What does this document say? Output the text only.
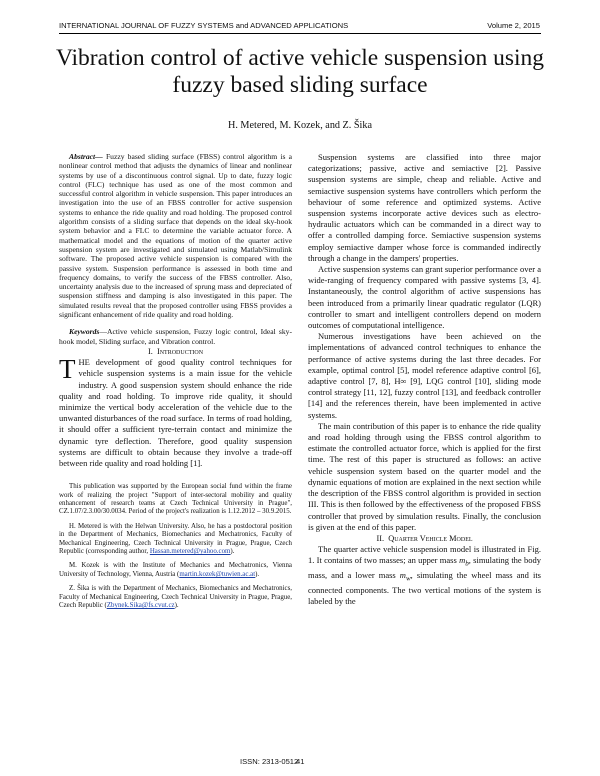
INTERNATIONAL JOURNAL OF FUZZY SYSTEMS and ADVANCED APPLICATIONS	Volume 2, 2015
Vibration control of active vehicle suspension using fuzzy based sliding surface
H. Metered, M. Kozek, and Z. Šika

Abstract— Fuzzy based sliding surface (FBSS) control algorithm is a nonlinear control method that adjusts the dynamics of linear and nonlinear systems by use of a discontinuous control signal. Up to date, fuzzy logic control (FLC) technique has used as one of the most common and successful control algorithm in vehicle suspension. This paper introduces an investigation into the use of an FBSS controller for active suspension systems to enhance the ride quality and road holding. The proposed control algorithm consists of a sliding surface that depends on the ideal sky-hook system behavior and a FLC to determine the variable actuator force. A mathematical model and the equations of motion of the quarter active suspension system are investigated and simulated using Matlab/Simulink software. The proposed active vehicle suspension is compared with the passive system. Suspension performance is assessed in both time and frequency domains, to verify the success of the FBSS controller. Also, uncertainty analysis due to the increased of sprung mass and depreciated of suspension stiffness and damping is also investigated in this paper. The simulated results reveal that the proposed controller using FBSS provides a significant enhancement of ride quality and road holding.

Keywords—Active vehicle suspension, Fuzzy logic control, Ideal sky-hook model, Sliding surface, and Vibration control.

I. Introduction

THE development of good quality control techniques for vehicle suspension systems is a main issue for the vehicle industry. A good suspension system should enhance the ride quality and road holding. To improve ride quality, it should minimize the vertical body acceleration of the vehicle due to the unwanted disturbances of the road surface. In terms of road holding, it should offer a sufficient tyre-terrain contact and minimize the dynamic tyre deflection. Therefore, good quality suspension systems are difficult to obtain because they involve a trade-off between ride quality and road holding [1].

This publication was supported by the European social fund within the frame work of realizing the project "Support of inter-sectoral mobility and quality enhancement of research teams at Czech Technical University in Prague", CZ.1.07/2.3.00/30.0034. Period of the project's realization is 1.12.2012 – 30.9.2015.

H. Metered is with the Helwan University. Also, he has a postdoctoral position in the Department of Mechanics, Biomechanics and Mechatronics, Faculty of Mechanical Engineering, Czech Technical University in Prague, Prague, Czech Republic (corresponding author, Hassan.metered@yahoo.com).

M. Kozek is with the Institute of Mechanics and Mechatronics, Vienna University of Technology, Vienna, Austria (martin.kozek@tuwien.ac.at).

Z. Šika is with the Department of Mechanics, Biomechanics and Mechatronics, Faculty of Mechanical Engineering, Czech Technical University in Prague, Prague, Czech Republic (Zbynek.Sika@fs.cvut.cz).

Suspension systems are classified into three major categorizations; passive, active and semiactive [2]. Passive suspension systems are simple, cheap and reliable. Active and semiactive suspension systems have controllers which perform the behaviour of some reference and optimized systems. Active suspension systems incorporate active devices such as electro-hydraulic actuators which can be commanded in a direct way to offer a controlled damping force. Semiactive suspension systems employ semiactive damper whose force is commanded indirectly through a change in the dampers' properties.

Active suspension systems can grant superior performance over a wide-ranging of frequency compared with passive systems [3, 4]. Instantaneously, the control algorithm of active suspensions has been introduced from a primarily linear quadratic regulator (LQR) controller to smart and intelligent controllers depend on modern outcomes of computational intelligence.

Numerous investigations have been achieved on the implementations of advanced control techniques to enhance the performance of active systems during the last three decades. For example, optimal control [5], model reference adaptive control [6], adaptive control [7, 8], H∞ [9], LQG control [10], sliding mode control strategy [11, 12], fuzzy control [13], and feedback controller [14] and the references therein, have been implemented in active systems.

The main contribution of this paper is to enhance the ride quality and road holding through using the FBSS control algorithm to estimate the controlled actuator force, which is applied for the first time. The rest of this paper is structured as follows: an active vehicle suspension system based on the quarter model and the dynamic equations of motion are explained in the next section while the description of the FBSS control algorithm is provided in section III. This is then followed by the effectiveness of the proposed FBSS controller that proved by simulation results. Finally, the conclusion is given at the end of this paper.

II. Quarter Vehicle Model

The quarter active vehicle suspension model is illustrated in Fig. 1. It contains of two masses; an upper mass $m_b$, simulating the body mass, and a lower mass $m_w$, simulating the wheel mass and its connected components. The two vertical motions of the system is labeled by the

ISSN: 2313-0512
41
